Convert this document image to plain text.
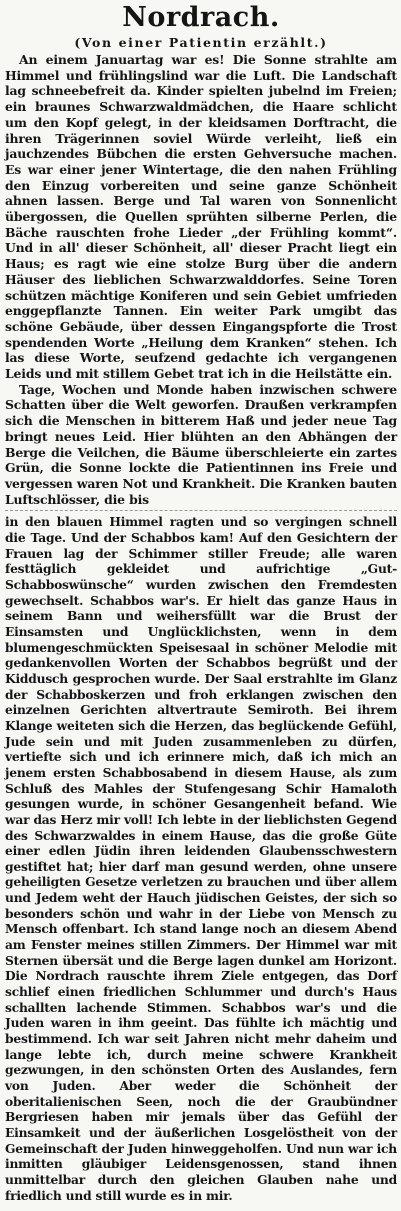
Nordrach.
(Von einer Patientin erzählt.)

An einem Januartag war es! Die Sonne strahlte am Himmel und frühlingslind war die Luft. Die Landschaft lag schneebefreit da. Kinder spielten jubelnd im Freien; ein braunes Schwarzwaldmädchen, die Haare schlicht um den Kopf gelegt, in der kleidsamen Dorftracht, die ihren Trägerinnen soviel Würde verleiht, ließ ein jauchzendes Bübchen die ersten Gehversuche machen. Es war einer jener Wintertage, die den nahen Frühling den Einzug vorbereiten und seine ganze Schönheit ahnen lassen. Berge und Tal waren von Sonnenlicht übergossen, die Quellen sprühten silberne Perlen, die Bäche rauschten frohe Lieder „der Frühling kommt“. Und in all' dieser Schönheit, all' dieser Pracht liegt ein Haus; es ragt wie eine stolze Burg über die andern Häuser des lieblichen Schwarzwalddorfes. Seine Toren schützen mächtige Koniferen und sein Gebiet umfrieden enggepflanzte Tannen. Ein weiter Park umgibt das schöne Gebäude, über dessen Eingangspforte die Trost spendenden Worte „Heilung dem Kranken“ stehen. Ich las diese Worte, seufzend gedachte ich vergangenen Leids und mit stillem Gebet trat ich in die Heilstätte ein.

Tage, Wochen und Monde haben inzwischen schwere Schatten über die Welt geworfen. Draußen verkrampfen sich die Menschen in bitterem Haß und jeder neue Tag bringt neues Leid. Hier blühten an den Abhängen der Berge die Veilchen, die Bäume überschleierte ein zartes Grün, die Sonne lockte die Patientinnen ins Freie und vergessen waren Not und Krankheit. Die Kranken bauten Luftschlösser, die bis

in den blauen Himmel ragten und so vergingen schnell die Tage. Und der Schabbos kam! Auf den Gesichtern der Frauen lag der Schimmer stiller Freude; alle waren festtäglich gekleidet und aufrichtige „Gut-Schabboswünsche“ wurden zwischen den Fremdesten gewechselt. Schabbos war's. Er hielt das ganze Haus in seinem Bann und weihersfüllt war die Brust der Einsamsten und Unglücklichsten, wenn in dem blumengeschmückten Speisesaal in schöner Melodie mit gedankenvollen Worten der Schabbos begrüßt und der Kiddusch gesprochen wurde. Der Saal erstrahlte im Glanz der Schabboskerzen und froh erklangen zwischen den einzelnen Gerichten altvertraute Semiroth. Bei ihrem Klange weiteten sich die Herzen, das beglückende Gefühl, Jude sein und mit Juden zusammenleben zu dürfen, vertiefte sich und ich erinnere mich, daß ich mich an jenem ersten Schabbosabend in diesem Hause, als zum Schluß des Mahles der Stufengesang Schir Hamaloth gesungen wurde, in schöner Gesangenheit befand. Wie war das Herz mir voll! Ich lebte in der lieblichsten Gegend des Schwarzwaldes in einem Hause, das die große Güte einer edlen Jüdin ihren leidenden Glaubensschwestern gestiftet hat; hier darf man gesund werden, ohne unsere geheiligten Gesetze verletzen zu brauchen und über allem und Jedem weht der Hauch jüdischen Geistes, der sich so besonders schön und wahr in der Liebe von Mensch zu Mensch offenbart. Ich stand lange noch an diesem Abend am Fenster meines stillen Zimmers. Der Himmel war mit Sternen übersät und die Berge lagen dunkel am Horizont. Die Nordrach rauschte ihrem Ziele entgegen, das Dorf schlief einen friedlichen Schlummer und durch's Haus schallten lachende Stimmen. Schabbos war's und die Juden waren in ihm geeint. Das fühlte ich mächtig und bestimmend. Ich war seit Jahren nicht mehr daheim und lange lebte ich, durch meine schwere Krankheit gezwungen, in den schönsten Orten des Auslandes, fern von Juden. Aber weder die Schönheit der oberitalienischen Seen, noch die der Graubündner Bergriesen haben mir jemals über das Gefühl der Einsamkeit und der äußerlichen Losgelöstheit von der Gemeinschaft der Juden hinweggeholfen. Und nun war ich inmitten gläubiger Leidensgenossen, stand ihnen unmittelbar durch den gleichen Glauben nahe und friedlich und still wurde es in mir.
